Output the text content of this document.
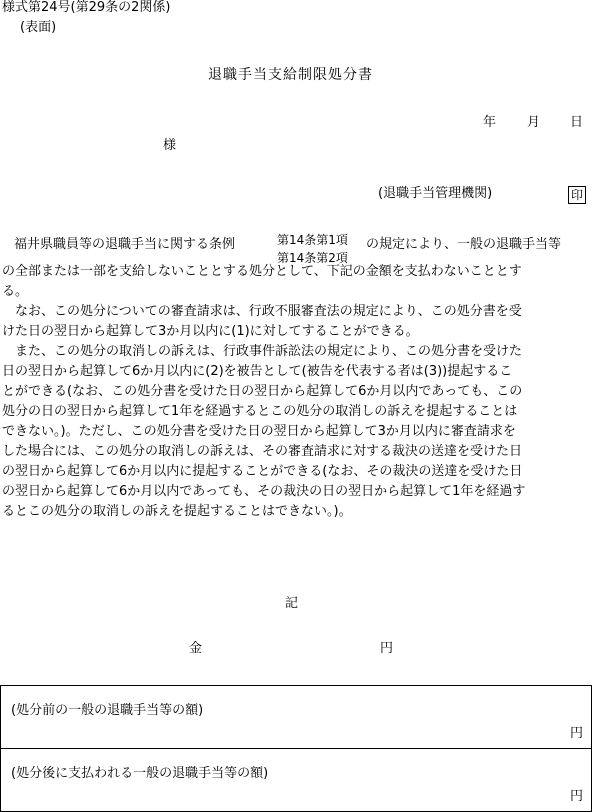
様式第24号(第29条の2関係)
(表面)
退職手当支給制限処分書
年 月 日
様
(退職手当管理機関)	印
福井県職員等の退職手当に関する条例	第14条第1項
第14条第2項
の規定により、一般の退職手当等

の全部または一部を支給しないこととする処分として、下記の金額を支払わないこととす

る。

なお、この処分についての審査請求は、行政不服審査法の規定により、この処分書を受

けた日の翌日から起算して3か月以内に(1)に対してすることができる。

また、この処分の取消しの訴えは、行政事件訴訟法の規定により、この処分書を受けた

日の翌日から起算して6か月以内に(2)を被告として(被告を代表する者は(3))提起するこ

とができる(なお、この処分書を受けた日の翌日から起算して6か月以内であっても、この

処分の日の翌日から起算して1年を経過するとこの処分の取消しの訴えを提起することは

できない。)。ただし、この処分書を受けた日の翌日から起算して3か月以内に審査請求を

した場合には、この処分の取消しの訴えは、その審査請求に対する裁決の送達を受けた日

の翌日から起算して6か月以内に提起することができる(なお、その裁決の送達を受けた日

の翌日から起算して6か月以内であっても、その裁決の日の翌日から起算して1年を経過す

るとこの処分の取消しの訴えを提起することはできない。)。

記
金	円
(処分前の一般の退職手当等の額)
円
(処分後に支払われる一般の退職手当等の額)
円
